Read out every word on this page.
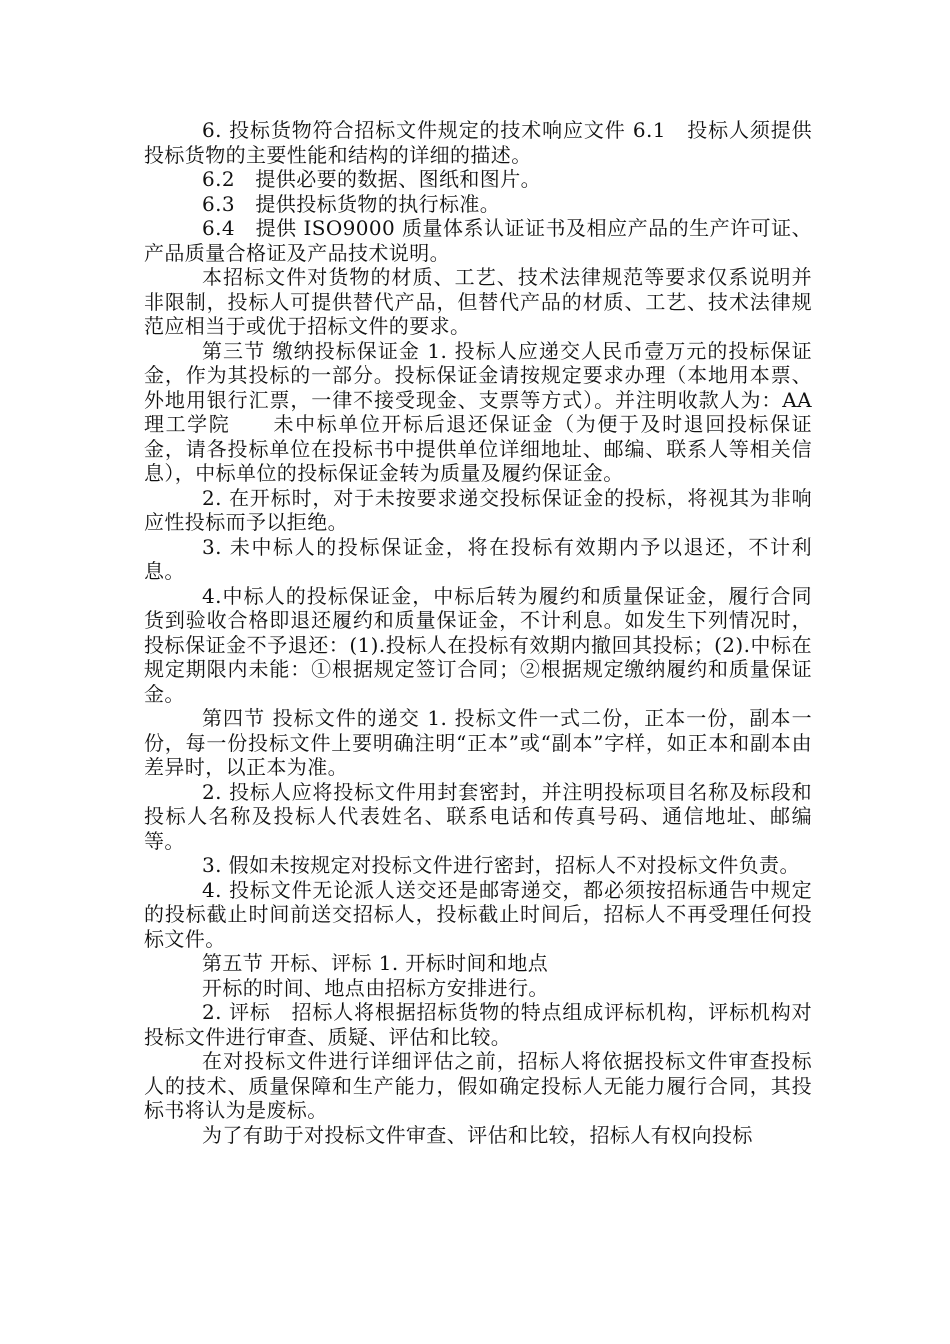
6. 投标货物符合招标文件规定的技术响应文件 6.1　投标人须提供投标货物的主要性能和结构的详细的描述。

6.2　提供必要的数据、图纸和图片。

6.3　提供投标货物的执行标准。

6.4　提供 ISO9000 质量体系认证证书及相应产品的生产许可证、产品质量合格证及产品技术说明。

本招标文件对货物的材质、工艺、技术法律规范等要求仅系说明并非限制，投标人可提供替代产品，但替代产品的材质、工艺、技术法律规范应相当于或优于招标文件的要求。

第三节 缴纳投标保证金 1. 投标人应递交人民币壹万元的投标保证金，作为其投标的一部分。投标保证金请按规定要求办理（本地用本票、外地用银行汇票，一律不接受现金、支票等方式）。并注明收款人为：AA 理工学院　　未中标单位开标后退还保证金（为便于及时退回投标保证金，请各投标单位在投标书中提供单位详细地址、邮编、联系人等相关信息），中标单位的投标保证金转为质量及履约保证金。

2. 在开标时，对于未按要求递交投标保证金的投标，将视其为非响应性投标而予以拒绝。

3. 未中标人的投标保证金，将在投标有效期内予以退还，不计利息。

4.中标人的投标保证金，中标后转为履约和质量保证金，履行合同货到验收合格即退还履约和质量保证金，不计利息。如发生下列情况时，投标保证金不予退还：(1).投标人在投标有效期内撤回其投标；(2).中标在规定期限内未能：①根据规定签订合同；②根据规定缴纳履约和质量保证金。

第四节 投标文件的递交 1. 投标文件一式二份，正本一份，副本一份，每一份投标文件上要明确注明“正本”或“副本”字样，如正本和副本由差异时，以正本为准。

2. 投标人应将投标文件用封套密封，并注明投标项目名称及标段和投标人名称及投标人代表姓名、联系电话和传真号码、通信地址、邮编等。

3. 假如未按规定对投标文件进行密封，招标人不对投标文件负责。

4. 投标文件无论派人送交还是邮寄递交，都必须按招标通告中规定的投标截止时间前送交招标人，投标截止时间后，招标人不再受理任何投标文件。

第五节 开标、评标 1. 开标时间和地点

开标的时间、地点由招标方安排进行。

2. 评标　招标人将根据招标货物的特点组成评标机构，评标机构对投标文件进行审查、质疑、评估和比较。

在对投标文件进行详细评估之前，招标人将依据投标文件审查投标人的技术、质量保障和生产能力，假如确定投标人无能力履行合同，其投标书将认为是废标。

为了有助于对投标文件审查、评估和比较，招标人有权向投标
